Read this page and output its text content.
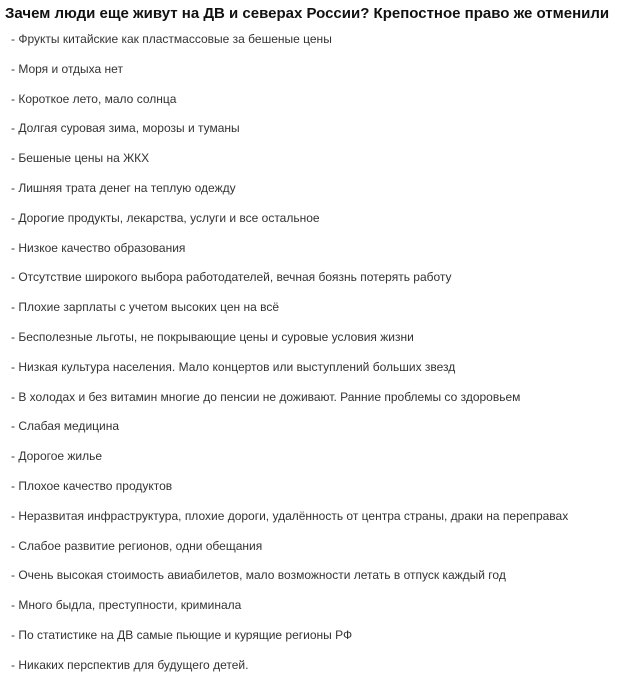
Зачем люди еще живут на ДВ и северах России? Крепостное право же отменили
- Фрукты китайские как пластмассовые за бешеные цены
- Моря и отдыха нет
- Короткое лето, мало солнца
- Долгая суровая зима, морозы и туманы
- Бешеные цены на ЖКХ
- Лишняя трата денег на теплую одежду
- Дорогие продукты, лекарства, услуги и все остальное
- Низкое качество образования
- Отсутствие широкого выбора работодателей, вечная боязнь потерять работу
- Плохие зарплаты с учетом высоких цен на всё
- Бесполезные льготы, не покрывающие цены и суровые условия жизни
- Низкая культура населения. Мало концертов или выступлений больших звезд
- В холодах и без витамин многие до пенсии не доживают. Ранние проблемы со здоровьем
- Слабая медицина
- Дорогое жилье
- Плохое качество продуктов
- Неразвитая инфраструктура, плохие дороги, удалённость от центра страны, драки на переправах
- Слабое развитие регионов, одни обещания
- Очень высокая стоимость авиабилетов, мало возможности летать в отпуск каждый год
- Много быдла, преступности, криминала
- По статистике на ДВ самые пьющие и курящие регионы РФ
- Никаких перспектив для будущего детей.
